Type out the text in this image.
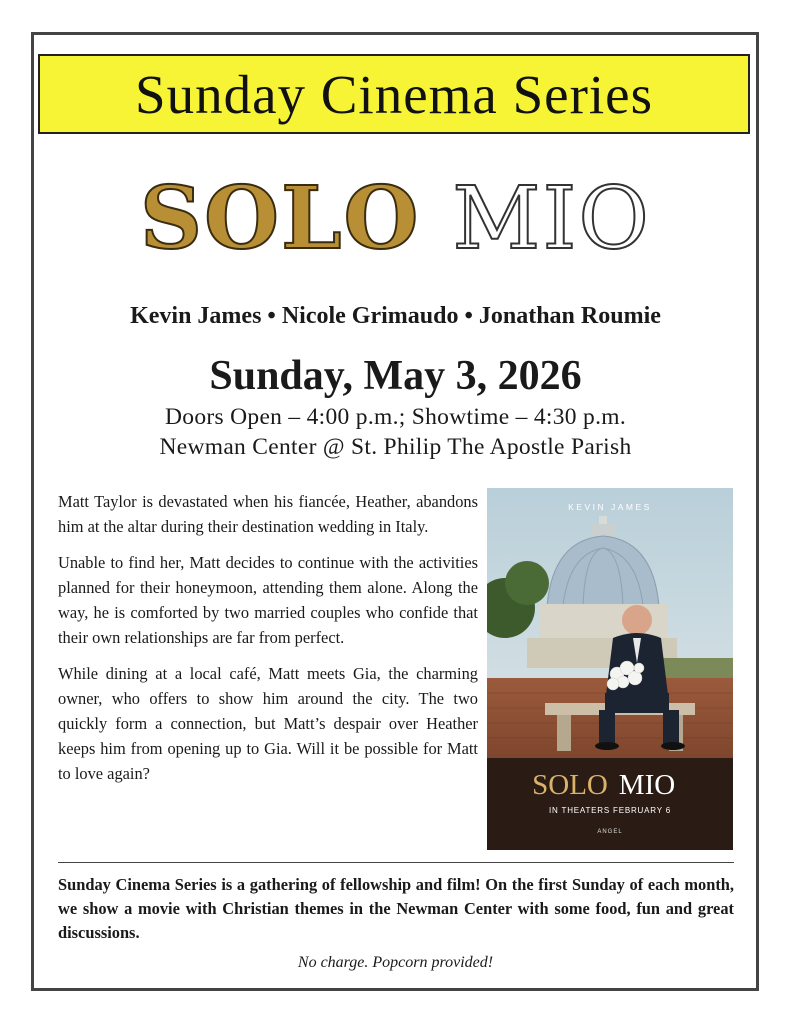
Sunday Cinema Series
SOLO MIO
Kevin James • Nicole Grimaudo • Jonathan Roumie
Sunday, May 3, 2026
Doors Open – 4:00 p.m.; Showtime – 4:30 p.m.
Newman Center @ St. Philip The Apostle Parish

Matt Taylor is devastated when his fiancée, Heather, abandons him at the altar during their destination wedding in Italy.

Unable to find her, Matt decides to continue with the activities planned for their honeymoon, attending them alone. Along the way, he is comforted by two married couples who confide that their own relationships are far from perfect.

While dining at a local café, Matt meets Gia, the charming owner, who offers to show him around the city. The two quickly form a connection, but Matt’s despair over Heather keeps him from opening up to Gia. Will it be possible for Matt to love again?

KEVIN JAMES
SOLO MIO
IN THEATERS FEBRUARY 6
ANGEL
Sunday Cinema Series is a gathering of fellowship and film! On the first Sunday of each month, we show a movie with Christian themes in the Newman Center with some food, fun and great discussions.
No charge. Popcorn provided!
